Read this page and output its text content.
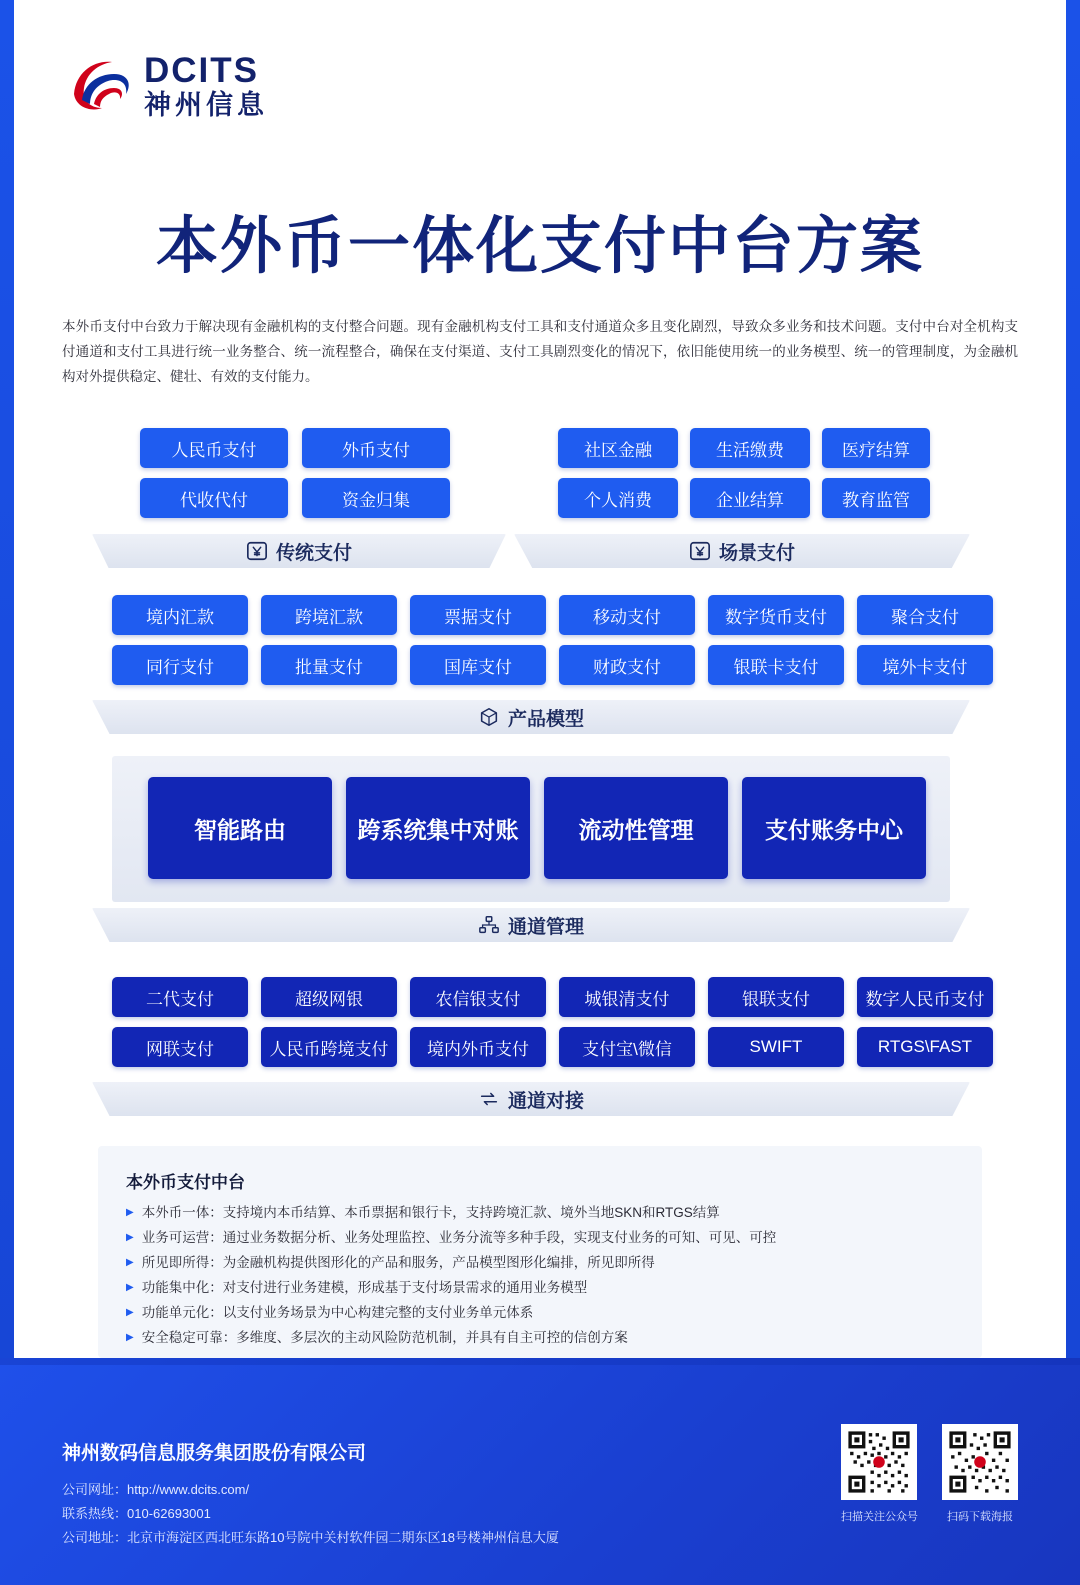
DCITS
神州信息
本外币一体化支付中台方案
本外币支付中台致力于解决现有金融机构的支付整合问题。现有金融机构支付工具和支付通道众多且变化剧烈，导致众多业务和技术问题。支付中台对全机构支付通道和支付工具进行统一业务整合、统一流程整合，确保在支付渠道、支付工具剧烈变化的情况下，依旧能使用统一的业务模型、统一的管理制度，为金融机构对外提供稳定、健壮、有效的支付能力。
人民币支付	外币支付
代收代付	资金归集
传统支付
社区金融	生活缴费	医疗结算
个人消费	企业结算	教育监管
场景支付
境内汇款	跨境汇款	票据支付	移动支付	数字货币支付	聚合支付
同行支付	批量支付	国库支付	财政支付	银联卡支付	境外卡支付
产品模型
智能路由	跨系统集中对账	流动性管理	支付账务中心
通道管理
二代支付	超级网银	农信银支付	城银清支付	银联支付	数字人民币支付
网联支付	人民币跨境支付	境内外币支付	支付宝\微信	SWIFT	RTGS\FAST
通道对接
本外币支付中台
▶ 本外币一体：支持境内本币结算、本币票据和银行卡，支持跨境汇款、境外当地SKN和RTGS结算
▶ 业务可运营：通过业务数据分析、业务处理监控、业务分流等多种手段，实现支付业务的可知、可见、可控
▶ 所见即所得：为金融机构提供图形化的产品和服务，产品模型图形化编排，所见即所得
▶ 功能集中化：对支付进行业务建模，形成基于支付场景需求的通用业务模型
▶ 功能单元化：以支付业务场景为中心构建完整的支付业务单元体系
▶ 安全稳定可靠：多维度、多层次的主动风险防范机制，并具有自主可控的信创方案
神州数码信息服务集团股份有限公司
公司网址：http://www.dcits.com/
联系热线：010-62693001
公司地址：北京市海淀区西北旺东路10号院中关村软件园二期东区18号楼神州信息大厦
扫描关注公众号	扫码下载海报
